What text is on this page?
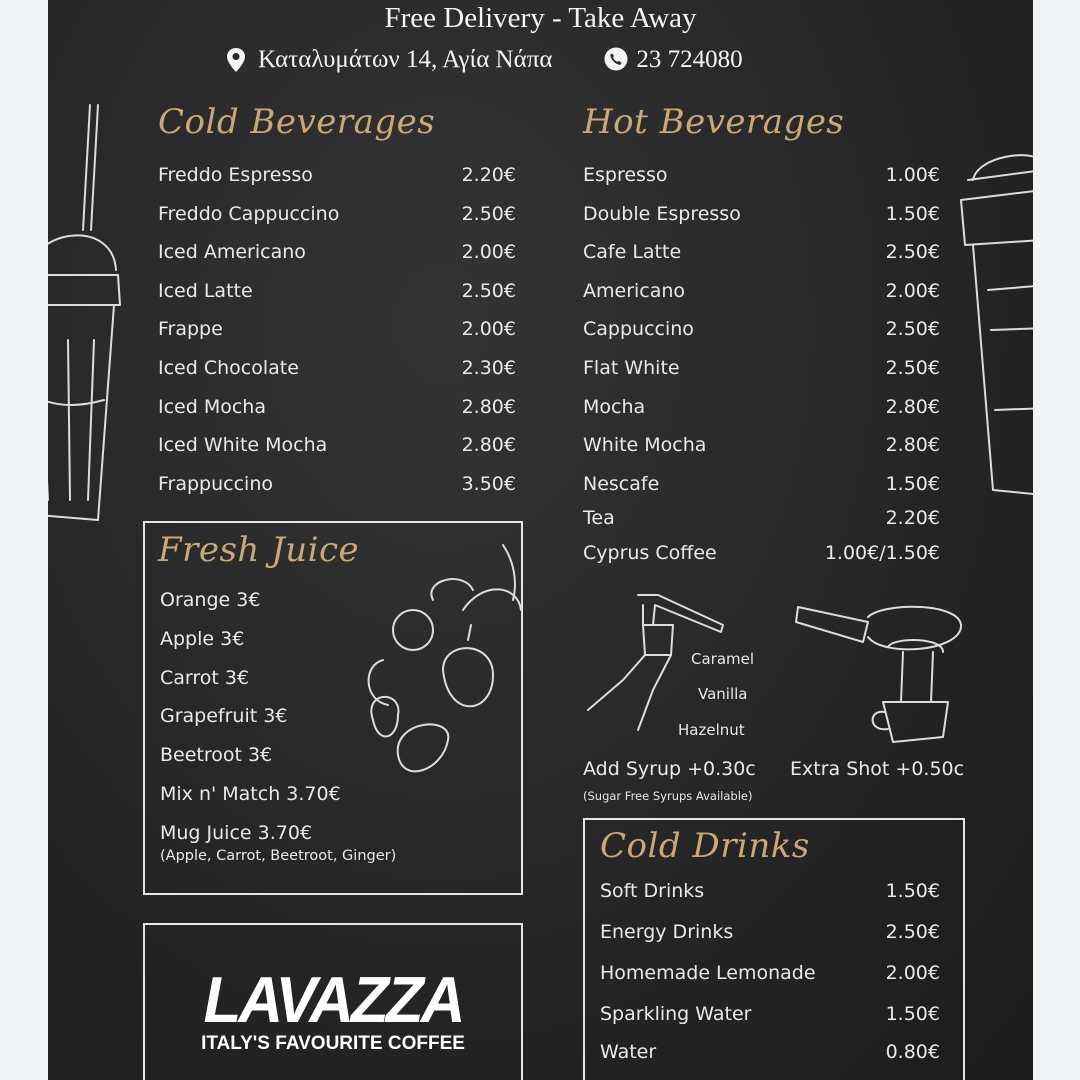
Free Delivery - Take Away
Καταλυμάτων 14, Αγία Νάπα	23 724080
Cold Beverages
Freddo Espresso	2.20€
Freddo Cappuccino	2.50€
Iced Americano	2.00€
Iced Latte	2.50€
Frappe	2.00€
Iced Chocolate	2.30€
Iced Mocha	2.80€
Iced White Mocha	2.80€
Frappuccino	3.50€
Hot Beverages
Espresso	1.00€
Double Espresso	1.50€
Cafe Latte	2.50€
Americano	2.00€
Cappuccino	2.50€
Flat White	2.50€
Mocha	2.80€
White Mocha	2.80€
Nescafe	1.50€
Tea	2.20€
Cyprus Coffee	1.00€/1.50€
Fresh Juice
Orange 3€
Apple 3€
Carrot 3€
Grapefruit 3€
Beetroot 3€
Mix n' Match 3.70€
Mug Juice 3.70€
(Apple, Carrot, Beetroot, Ginger)
Caramel
Vanilla
Hazelnut
Add Syrup +0.30c
(Sugar Free Syrups Available)
Extra Shot +0.50c
Cold Drinks
Soft Drinks	1.50€
Energy Drinks	2.50€
Homemade Lemonade	2.00€
Sparkling Water	1.50€
Water	0.80€
LAVAZZA
ITALY'S FAVOURITE COFFEE
